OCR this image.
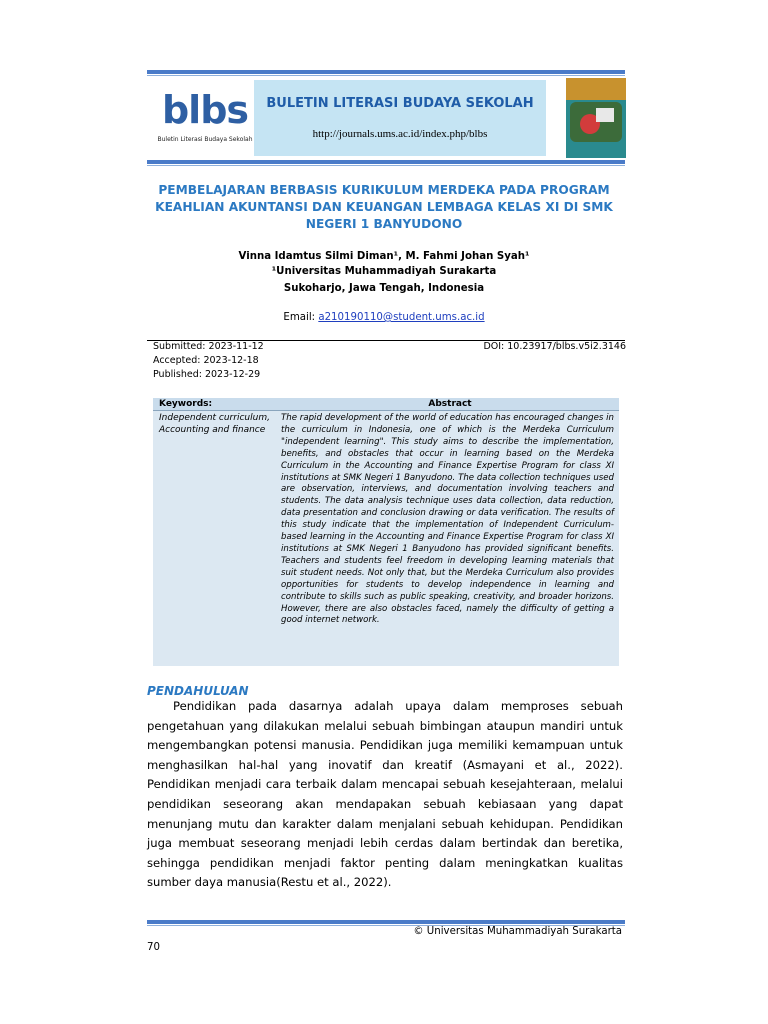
blbs
Buletin Literasi Budaya Sekolah
BULETIN LITERASI BUDAYA SEKOLAH
http://journals.ums.ac.id/index.php/blbs
PEMBELAJARAN BERBASIS KURIKULUM MERDEKA PADA PROGRAM KEAHLIAN AKUNTANSI DAN KEUANGAN LEMBAGA KELAS XI DI SMK NEGERI 1 BANYUDONO
Vinna Idamtus Silmi Diman¹, M. Fahmi Johan Syah¹
¹Universitas Muhammadiyah Surakarta
Sukoharjo, Jawa Tengah, Indonesia
Email: a210190110@student.ums.ac.id
Submitted: 2023-11-12
Accepted: 2023-12-18
Published: 2023-12-29
DOI: 10.23917/blbs.v5i2.3146
Keywords:	Abstract
Independent curriculum, Accounting and finance
The rapid development of the world of education has encouraged changes in the curriculum in Indonesia, one of which is the Merdeka Curriculum "independent learning". This study aims to describe the implementation, benefits, and obstacles that occur in learning based on the Merdeka Curriculum in the Accounting and Finance Expertise Program for class XI institutions at SMK Negeri 1 Banyudono. The data collection techniques used are observation, interviews, and documentation involving teachers and students. The data analysis technique uses data collection, data reduction, data presentation and conclusion drawing or data verification. The results of this study indicate that the implementation of Independent Curriculum-based learning in the Accounting and Finance Expertise Program for class XI institutions at SMK Negeri 1 Banyudono has provided significant benefits. Teachers and students feel freedom in developing learning materials that suit student needs. Not only that, but the Merdeka Curriculum also provides opportunities for students to develop independence in learning and contribute to skills such as public speaking, creativity, and broader horizons. However, there are also obstacles faced, namely the difficulty of getting a good internet network.
PENDAHULUAN
Pendidikan pada dasarnya adalah upaya dalam memproses sebuah pengetahuan yang dilakukan melalui sebuah bimbingan ataupun mandiri untuk mengembangkan potensi manusia. Pendidikan juga memiliki kemampuan untuk menghasilkan hal-hal yang inovatif dan kreatif (Asmayani et al., 2022). Pendidikan menjadi cara terbaik dalam mencapai sebuah kesejahteraan, melalui pendidikan seseorang akan mendapakan sebuah kebiasaan yang dapat menunjang mutu dan karakter dalam menjalani sebuah kehidupan. Pendidikan juga membuat seseorang menjadi lebih cerdas dalam bertindak dan beretika, sehingga pendidikan menjadi faktor penting dalam meningkatkan kualitas sumber daya manusia(Restu et al., 2022).
© Universitas Muhammadiyah Surakarta
70
